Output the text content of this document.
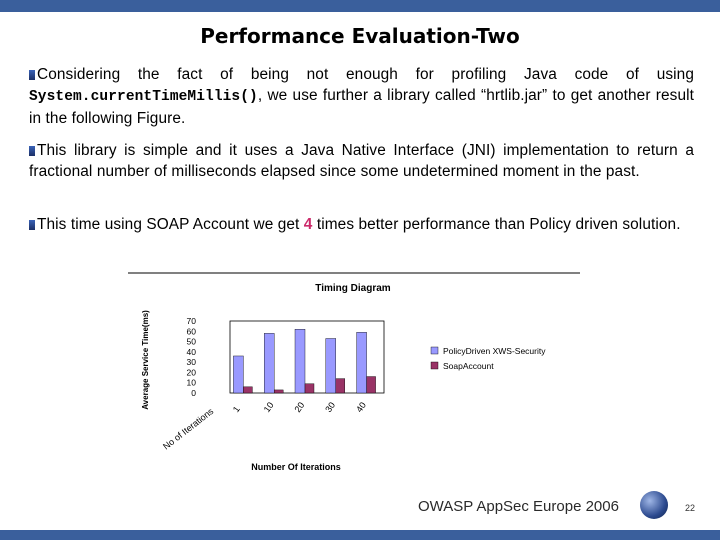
Performance Evaluation-Two
Considering the fact of being not enough for profiling Java code of using System.currentTimeMillis(), we use further a library called “hrtlib.jar” to get another result in the following Figure.
This library is simple and it uses a Java Native Interface (JNI) implementation to return a fractional number of milliseconds elapsed since some undetermined moment in the past.
This time using SOAP Account we get 4 times better performance than Policy driven solution.
Timing Diagram
Average Service Time(ms)
No of Iterations
Number Of Iterations
70
60
50
40
30
20
10
0
1 10 20 30 40
PolicyDriven XWS-Security
SoapAccount
OWASP AppSec Europe 2006	22
